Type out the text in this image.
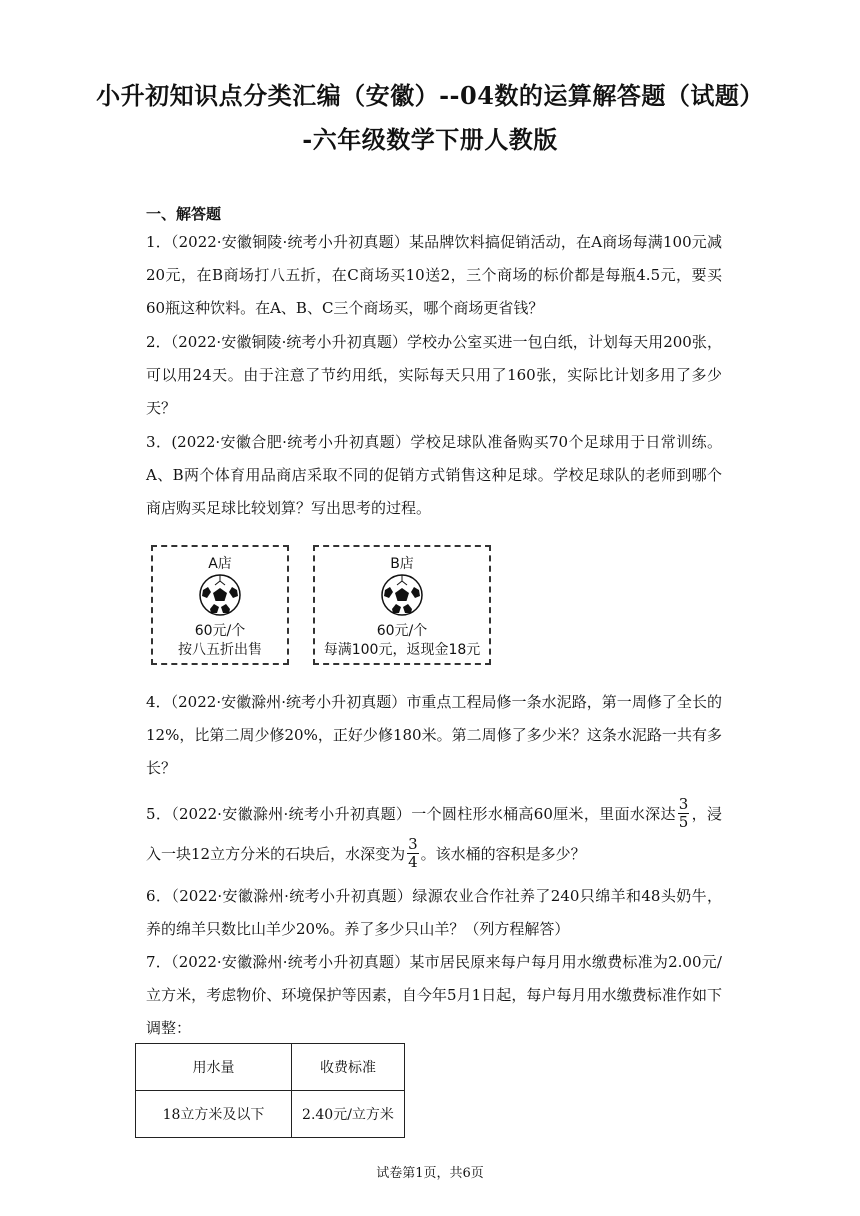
小升初知识点分类汇编（安徽）--04数的运算解答题（试题）
-六年级数学下册人教版
一、解答题
1．（2022·安徽铜陵·统考小升初真题）某品牌饮料搞促销活动，在A商场每满100元减20元，在B商场打八五折，在C商场买10送2，三个商场的标价都是每瓶4.5元，要买60瓶这种饮料。在A、B、C三个商场买，哪个商场更省钱？
2．（2022·安徽铜陵·统考小升初真题）学校办公室买进一包白纸，计划每天用200张，可以用24天。由于注意了节约用纸，实际每天只用了160张，实际比计划多用了多少天？
3．(2022·安徽合肥·统考小升初真题）学校足球队准备购买70个足球用于日常训练。A、B两个体育用品商店采取不同的促销方式销售这种足球。学校足球队的老师到哪个商店购买足球比较划算？写出思考的过程。
A店
60元/个
按八五折出售
B店
60元/个
每满100元，返现金18元
4．（2022·安徽滁州·统考小升初真题）市重点工程局修一条水泥路，第一周修了全长的12%，比第二周少修20%，正好少修180米。第二周修了多少米？这条水泥路一共有多长？
5．（2022·安徽滁州·统考小升初真题）一个圆柱形水桶高60厘米，里面水深达 $\frac{3}{5}$ ，浸入一块12立方分米的石块后，水深变为 $\frac{3}{4}$ 。该水桶的容积是多少？
6．（2022·安徽滁州·统考小升初真题）绿源农业合作社养了240只绵羊和48头奶牛，养的绵羊只数比山羊少20%。养了多少只山羊？（列方程解答）
7．（2022·安徽滁州·统考小升初真题）某市居民原来每户每月用水缴费标准为2.00元/立方米，考虑物价、环境保护等因素，自今年5月1日起，每户每月用水缴费标准作如下调整：
用水量	收费标准
18立方米及以下	2.40元/立方米
试卷第1页，共6页
